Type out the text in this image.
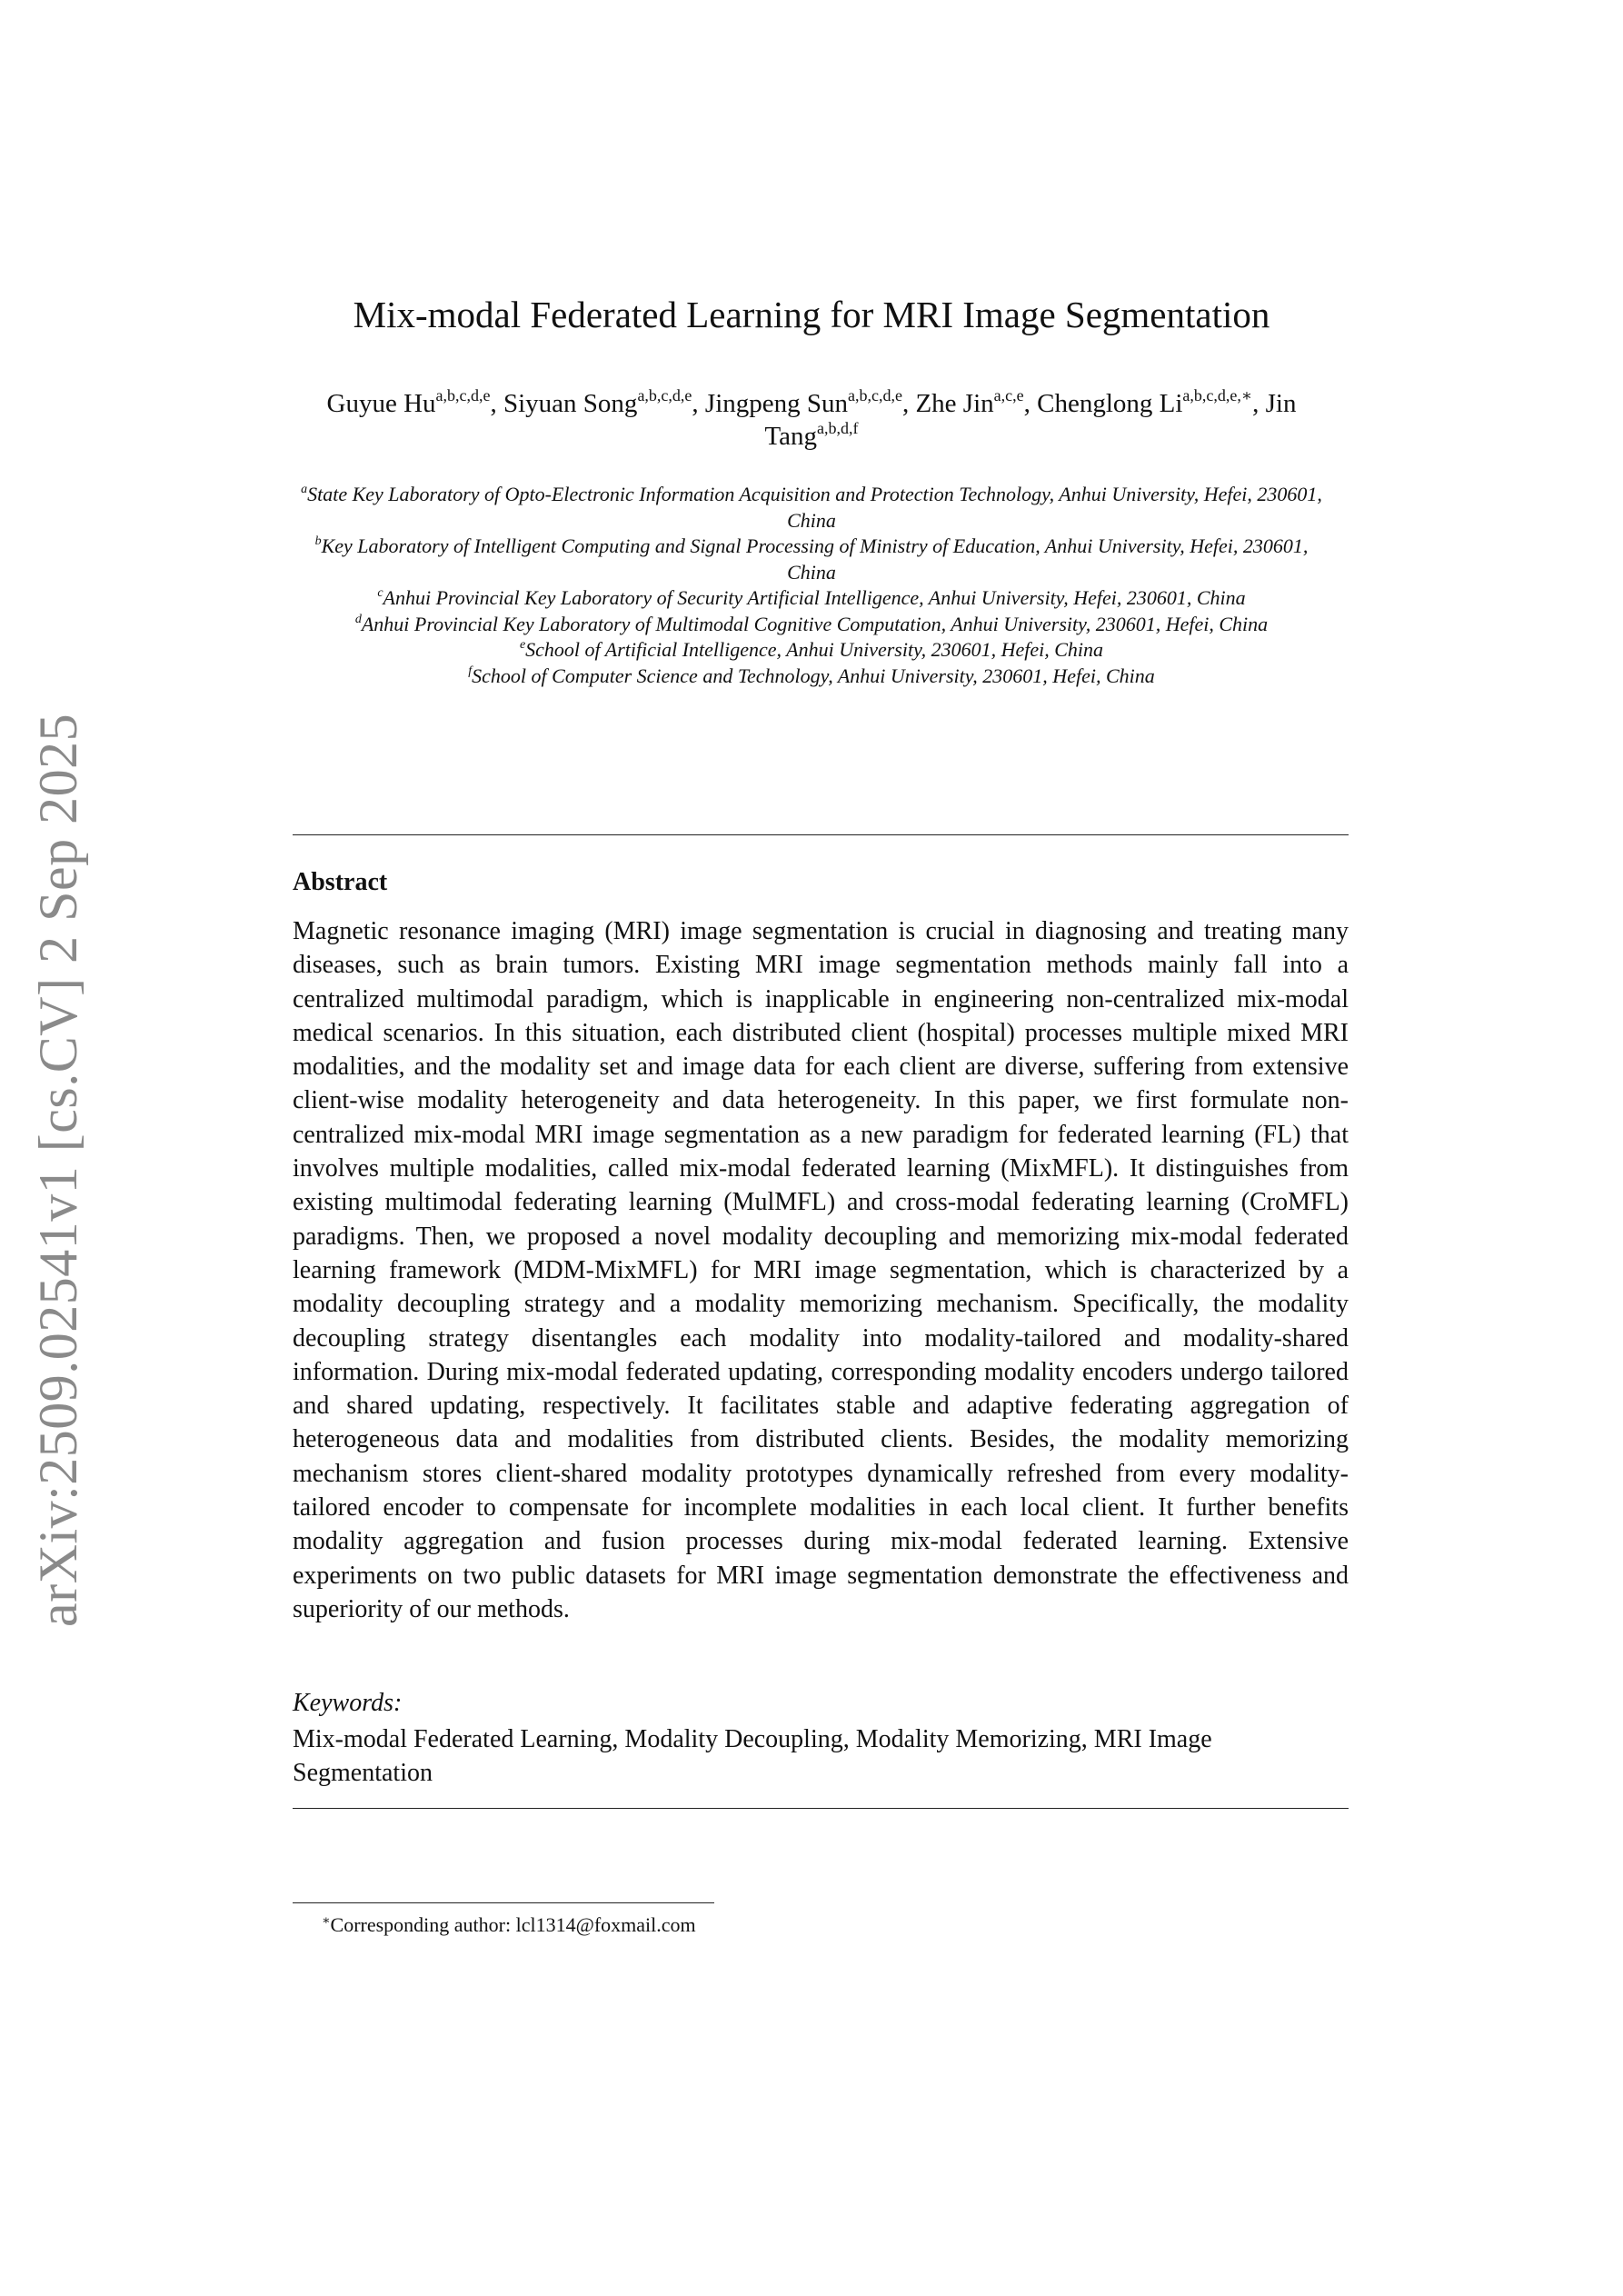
arXiv:2509.02541v1 [cs.CV] 2 Sep 2025
Mix-modal Federated Learning for MRI Image Segmentation
Guyue Hu$^{a,b,c,d,e}$, Siyuan Song$^{a,b,c,d,e}$, Jingpeng Sun$^{a,b,c,d,e}$, Zhe Jin$^{a,c,e}$, Chenglong $Li^{a,b,c,d,e,∗}$, Jin Tang$^{a,b,d,f}$

$^a$State Key Laboratory of Opto-Electronic Information Acquisition and Protection Technology, Anhui University, Hefei, 230601, China

$^b$Key Laboratory of Intelligent Computing and Signal Processing of Ministry of Education, Anhui University, Hefei, 230601, China

$^c$Anhui Provincial Key Laboratory of Security Artificial Intelligence, Anhui University, Hefei, 230601, China

$^d$Anhui Provincial Key Laboratory of Multimodal Cognitive Computation, Anhui University, 230601, Hefei, China

$^e$School of Artificial Intelligence, Anhui University, 230601, Hefei, China

$^f$School of Computer Science and Technology, Anhui University, 230601, Hefei, China

Abstract

Magnetic resonance imaging (MRI) image segmentation is crucial in diagnosing and treating many diseases, such as brain tumors. Existing MRI image segmentation methods mainly fall into a centralized multimodal paradigm, which is inapplicable in engineering non-centralized mix-modal medical scenarios. In this situation, each distributed client (hospital) processes multiple mixed MRI modalities, and the modality set and image data for each client are diverse, suffering from extensive client-wise modality heterogeneity and data heterogeneity. In this paper, we first formulate non-centralized mix-modal MRI image segmentation as a new paradigm for federated learning (FL) that involves multiple modalities, called mix-modal federated learning (MixMFL). It distinguishes from existing multimodal federating learning (MulMFL) and cross-modal federating learning (CroMFL) paradigms. Then, we proposed a novel modality decoupling and memorizing mix-modal federated learning framework (MDM-MixMFL) for MRI image segmentation, which is characterized by a modality decoupling strategy and a modality memorizing mechanism. Specifically, the modality decoupling strategy disentangles each modality into modality-tailored and modality-shared information. During mix-modal federated updating, corresponding modality encoders undergo tailored and shared updating, respectively. It facilitates stable and adaptive federating aggregation of heterogeneous data and modalities from distributed clients. Besides, the modality memorizing mechanism stores client-shared modality prototypes dynamically refreshed from every modality-tailored encoder to compensate for incomplete modalities in each local client. It further benefits modality aggregation and fusion processes during mix-modal federated learning. Extensive experiments on two public datasets for MRI image segmentation demonstrate the effectiveness and superiority of our methods.

Keywords:
Mix-modal Federated Learning, Modality Decoupling, Modality Memorizing, MRI Image Segmentation
∗Corresponding author: lcl1314@foxmail.com
